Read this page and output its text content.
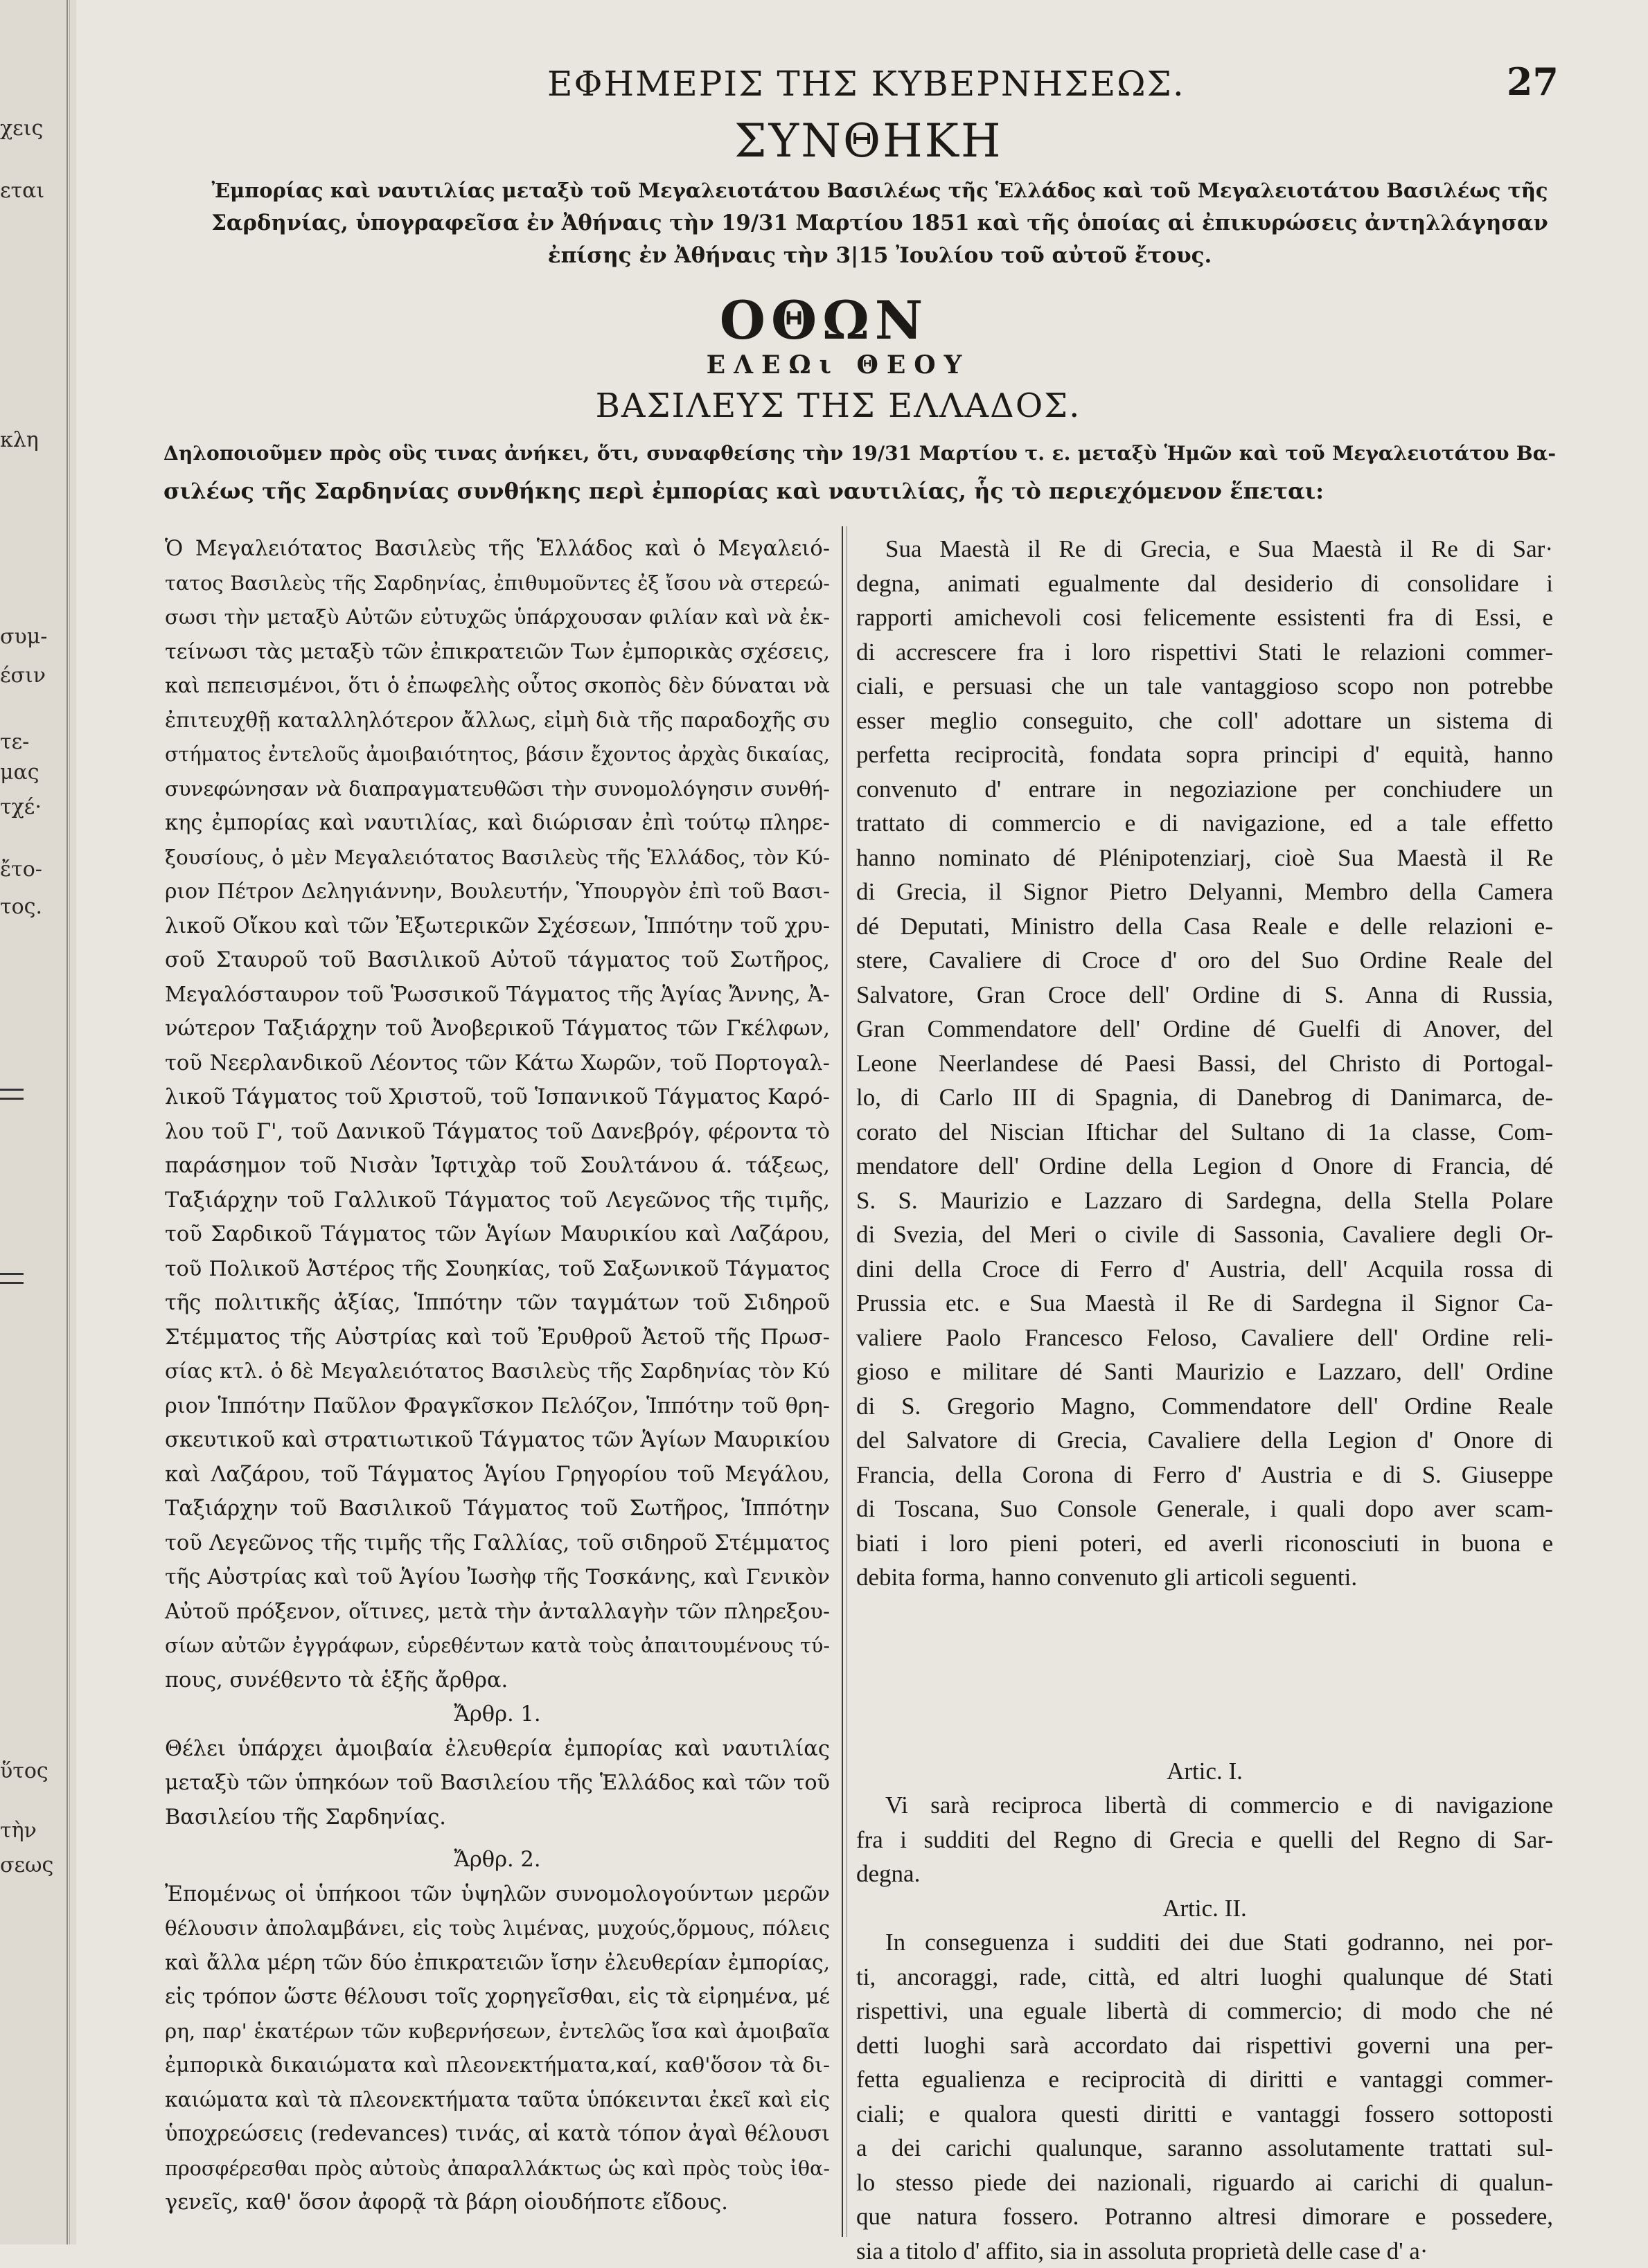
χεις
εται
κλη
συμ-
έσιν
τε-
μας
τχέ·
ἔτο-
τος.
ὕτος
τὴν
σεως
ΕΦΗΜΕΡΙΣ ΤΗΣ ΚΥΒΕΡΝΗΣΕΩΣ.	27
ΣΥΝΘΗΚΗ
Ἐμπορίας καὶ ναυτιλίας μεταξὺ τοῦ Μεγαλειοτάτου Βασιλέως τῆς Ἑλλάδος καὶ τοῦ Μεγαλειοτάτου Βασιλέως τῆς
Σαρδηνίας, ὑπογραφεῖσα ἐν Ἀθήναις τὴν 19/31 Μαρτίου 1851 καὶ τῆς ὁποίας αἱ ἐπικυρώσεις ἀντηλλάγησαν
ἐπίσης ἐν Ἀθήναις τὴν 3|15 Ἰουλίου τοῦ αὐτοῦ ἔτους.
ΟΘΩΝ
ΕΛΕΩι ΘΕΟΥ
ΒΑΣΙΛΕΥΣ ΤΗΣ ΕΛΛΑΔΟΣ.
Δηλοποιοῦμεν πρὸς οὓς τινας ἀνήκει, ὅτι, συναφθείσης τὴν 19/31 Μαρτίου τ. ε. μεταξὺ Ἡμῶν καὶ τοῦ Μεγαλειοτάτου Βα-
σιλέως τῆς Σαρδηνίας συνθήκης περὶ ἐμπορίας καὶ ναυτιλίας, ἧς τὸ περιεχόμενον ἕπεται:
Ὁ Μεγαλειότατος Βασιλεὺς τῆς Ἑλλάδος καὶ ὁ Μεγαλειό-
τατος Βασιλεὺς τῆς Σαρδηνίας, ἐπιθυμοῦντες ἐξ ἴσου νὰ στερεώ-
σωσι τὴν μεταξὺ Αὐτῶν εὐτυχῶς ὑπάρχουσαν φιλίαν καὶ νὰ ἐκ-
τείνωσι τὰς μεταξὺ τῶν ἐπικρατειῶν Των ἐμπορικὰς σχέσεις,
καὶ πεπεισμένοι, ὅτι ὁ ἐπωφελὴς οὗτος σκοπὸς δὲν δύναται νὰ
ἐπιτευχθῇ καταλληλότερον ἄλλως, εἰμὴ διὰ τῆς παραδοχῆς συ
στήματος ἐντελοῦς ἀμοιβαιότητος, βάσιν ἔχοντος ἀρχὰς δικαίας,
συνεφώνησαν νὰ διαπραγματευθῶσι τὴν συνομολόγησιν συνθή-
κης ἐμπορίας καὶ ναυτιλίας, καὶ διώρισαν ἐπὶ τούτῳ πληρε-
ξουσίους, ὁ μὲν Μεγαλειότατος Βασιλεὺς τῆς Ἑλλάδος, τὸν Κύ-
ριον Πέτρον Δεληγιάννην, Βουλευτήν, Ὑπουργὸν ἐπὶ τοῦ Βασι-
λικοῦ Οἴκου καὶ τῶν Ἐξωτερικῶν Σχέσεων, Ἱππότην τοῦ χρυ-
σοῦ Σταυροῦ τοῦ Βασιλικοῦ Αὐτοῦ τάγματος τοῦ Σωτῆρος,
Μεγαλόσταυρον τοῦ Ῥωσσικοῦ Τάγματος τῆς Ἁγίας Ἄννης, Ἀ-
νώτερον Ταξιάρχην τοῦ Ἀνοβερικοῦ Τάγματος τῶν Γκέλφων,
τοῦ Νεερλανδικοῦ Λέοντος τῶν Κάτω Χωρῶν, τοῦ Πορτογαλ-
λικοῦ Τάγματος τοῦ Χριστοῦ, τοῦ Ἱσπανικοῦ Τάγματος Καρό-
λου τοῦ Γ', τοῦ Δανικοῦ Τάγματος τοῦ Δανεβρόγ, φέροντα τὸ
παράσημον τοῦ Νισὰν Ἰφτιχὰρ τοῦ Σουλτάνου ά. τάξεως,
Ταξιάρχην τοῦ Γαλλικοῦ Τάγματος τοῦ Λεγεῶνος τῆς τιμῆς,
τοῦ Σαρδικοῦ Τάγματος τῶν Ἁγίων Μαυρικίου καὶ Λαζάρου,
τοῦ Πολικοῦ Ἀστέρος τῆς Σουηκίας, τοῦ Σαξωνικοῦ Τάγματος
τῆς πολιτικῆς ἀξίας, Ἱππότην τῶν ταγμάτων τοῦ Σιδηροῦ
Στέμματος τῆς Αὐστρίας καὶ τοῦ Ἐρυθροῦ Ἀετοῦ τῆς Πρωσ-
σίας κτλ. ὁ δὲ Μεγαλειότατος Βασιλεὺς τῆς Σαρδηνίας τὸν Κύ
ριον Ἱππότην Παῦλον Φραγκῖσκον Πελόζον, Ἱππότην τοῦ θρη-
σκευτικοῦ καὶ στρατιωτικοῦ Τάγματος τῶν Ἁγίων Μαυρικίου
καὶ Λαζάρου, τοῦ Τάγματος Ἁγίου Γρηγορίου τοῦ Μεγάλου,
Ταξιάρχην τοῦ Βασιλικοῦ Τάγματος τοῦ Σωτῆρος, Ἱππότην
τοῦ Λεγεῶνος τῆς τιμῆς τῆς Γαλλίας, τοῦ σιδηροῦ Στέμματος
τῆς Αὐστρίας καὶ τοῦ Ἁγίου Ἰωσὴφ τῆς Τοσκάνης, καὶ Γενικὸν
Αὐτοῦ πρόξενον, οἵτινες, μετὰ τὴν ἀνταλλαγὴν τῶν πληρεξου-
σίων αὐτῶν ἐγγράφων, εὑρεθέντων κατὰ τοὺς ἀπαιτουμένους τύ-
πους, συνέθεντο τὰ ἑξῆς ἄρθρα.
Ἄρθρ. 1.
Θέλει ὑπάρχει ἀμοιβαία ἐλευθερία ἐμπορίας καὶ ναυτιλίας
μεταξὺ τῶν ὑπηκόων τοῦ Βασιλείου τῆς Ἑλλάδος καὶ τῶν τοῦ
Βασιλείου τῆς Σαρδηνίας.
Ἄρθρ. 2.
Ἐπομένως οἱ ὑπήκοοι τῶν ὑψηλῶν συνομολογούντων μερῶν
θέλουσιν ἀπολαμβάνει, εἰς τοὺς λιμένας, μυχούς,ὅρμους, πόλεις
καὶ ἄλλα μέρη τῶν δύο ἐπικρατειῶν ἴσην ἐλευθερίαν ἐμπορίας,
εἰς τρόπον ὥστε θέλουσι τοῖς χορηγεῖσθαι, εἰς τὰ εἰρημένα, μέ
ρη, παρ' ἑκατέρων τῶν κυβερνήσεων, ἐντελῶς ἴσα καὶ ἀμοιβαῖα
ἐμπορικὰ δικαιώματα καὶ πλεονεκτήματα,καί, καθ'ὅσον τὰ δι-
καιώματα καὶ τὰ πλεονεκτήματα ταῦτα ὑπόκεινται ἐκεῖ καὶ εἰς
ὑποχρεώσεις (redevances) τινάς, αἱ κατὰ τόπον ἀγαὶ θέλουσι
προσφέρεσθαι πρὸς αὐτοὺς ἀπαραλλάκτως ὡς καὶ πρὸς τοὺς ἰθα-
γενεῖς, καθ' ὅσον ἀφορᾷ τὰ βάρη οἱουδήποτε εἴδους.
Sua Maestà il Re di Grecia, e Sua Maestà il Re di Sar·
degna, animati egualmente dal desiderio di consolidare i
rapporti amichevoli cosi felicemente essistenti fra di Essi, e
di accrescere fra i loro rispettivi Stati le relazioni commer-
ciali, e persuasi che un tale vantaggioso scopo non potrebbe
esser meglio conseguito, che coll' adottare un sistema di
perfetta reciprocità, fondata sopra principi d' equità, hanno
convenuto d' entrare in negoziazione per conchiudere un
trattato di commercio e di navigazione, ed a tale effetto
hanno nominato dé Plénipotenziarj, cioè Sua Maestà il Re
di Grecia, il Signor Pietro Delyanni, Membro della Camera
dé Deputati, Ministro della Casa Reale e delle relazioni e-
stere, Cavaliere di Croce d' oro del Suo Ordine Reale del
Salvatore, Gran Croce dell' Ordine di S. Anna di Russia,
Gran Commendatore dell' Ordine dé Guelfi di Anover, del
Leone Neerlandese dé Paesi Bassi, del Christo di Portogal-
lo, di Carlo III di Spagnia, di Danebrog di Danimarca, de-
corato del Niscian Iftichar del Sultano di 1a classe, Com-
mendatore dell' Ordine della Legion d Onore di Francia, dé
S. S. Maurizio e Lazzaro di Sardegna, della Stella Polare
di Svezia, del Meri o civile di Sassonia, Cavaliere degli Or-
dini della Croce di Ferro d' Austria, dell' Acquila rossa di
Prussia etc. e Sua Maestà il Re di Sardegna il Signor Ca-
valiere Paolo Francesco Feloso, Cavaliere dell' Ordine reli-
gioso e militare dé Santi Maurizio e Lazzaro, dell' Ordine
di S. Gregorio Magno, Commendatore dell' Ordine Reale
del Salvatore di Grecia, Cavaliere della Legion d' Onore di
Francia, della Corona di Ferro d' Austria e di S. Giuseppe
di Toscana, Suo Console Generale, i quali dopo aver scam-
biati i loro pieni poteri, ed averli riconosciuti in buona e
debita forma, hanno convenuto gli articoli seguenti.
Artic. I.
Vi sarà reciproca libertà di commercio e di navigazione
fra i sudditi del Regno di Grecia e quelli del Regno di Sar-
degna.
Artic. II.
In conseguenza i sudditi dei due Stati godranno, nei por-
ti, ancoraggi, rade, città, ed altri luoghi qualunque dé Stati
rispettivi, una eguale libertà di commercio; di modo che né
detti luoghi sarà accordato dai rispettivi governi una per-
fetta egualienza e reciprocità di diritti e vantaggi commer-
ciali; e qualora questi diritti e vantaggi fossero sottoposti
a dei carichi qualunque, saranno assolutamente trattati sul-
lo stesso piede dei nazionali, riguardo ai carichi di qualun-
que natura fossero. Potranno altresi dimorare e possedere,
sia a titolo d' affito, sia in assoluta proprietà delle case d' a·
